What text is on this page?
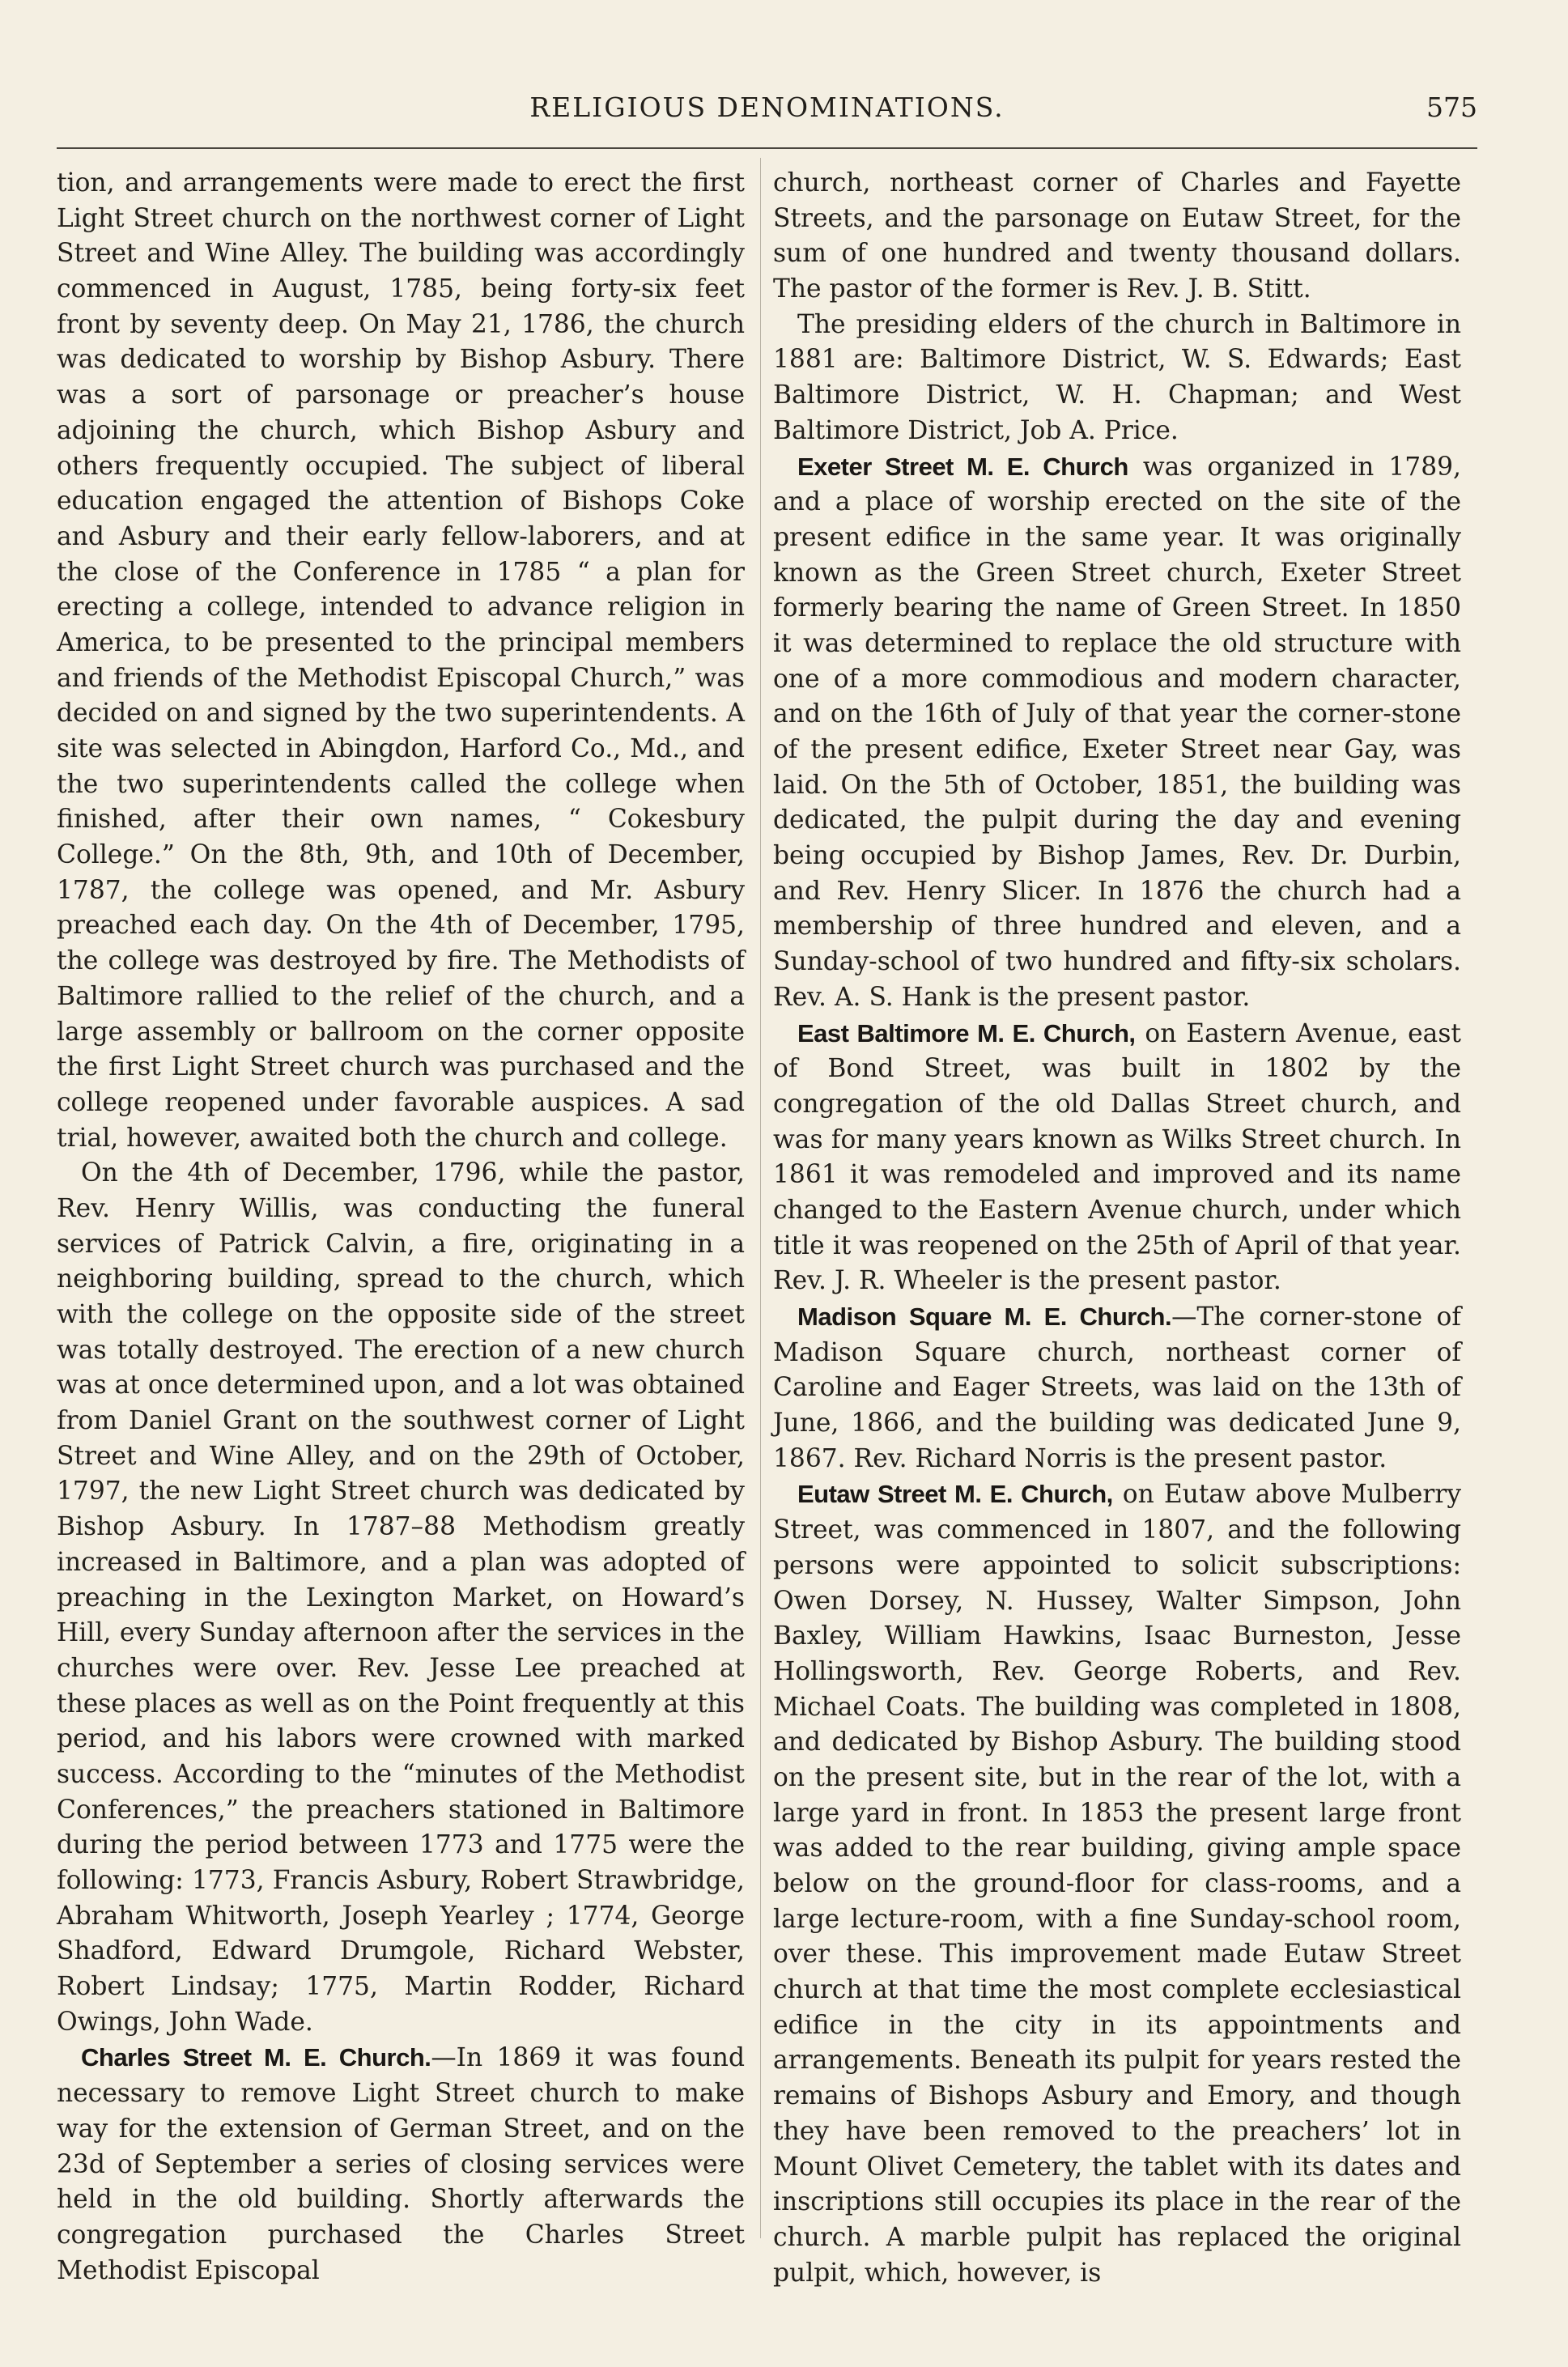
RELIGIOUS DENOMINATIONS.	575

tion, and arrangements were made to erect the first Light Street church on the northwest corner of Light Street and Wine Alley. The building was accordingly commenced in August, 1785, being forty-six feet front by seventy deep. On May 21, 1786, the church was dedicated to worship by Bishop Asbury. There was a sort of parsonage or preacher’s house adjoining the church, which Bishop Asbury and others frequently occupied. The subject of liberal education engaged the attention of Bishops Coke and Asbury and their early fellow-laborers, and at the close of the Conference in 1785 “ a plan for erecting a college, intended to advance religion in America, to be presented to the principal members and friends of the Methodist Episcopal Church,” was decided on and signed by the two superintendents. A site was selected in Abingdon, Harford Co., Md., and the two superintendents called the college when finished, after their own names, “ Cokesbury College.” On the 8th, 9th, and 10th of December, 1787, the college was opened, and Mr. Asbury preached each day. On the 4th of December, 1795, the college was destroyed by fire. The Methodists of Baltimore rallied to the relief of the church, and a large assembly or ballroom on the corner opposite the first Light Street church was purchased and the college reopened under favorable auspices. A sad trial, however, awaited both the church and college.

On the 4th of December, 1796, while the pastor, Rev. Henry Willis, was conducting the funeral services of Patrick Calvin, a fire, originating in a neighboring building, spread to the church, which with the college on the opposite side of the street was totally destroyed. The erection of a new church was at once determined upon, and a lot was obtained from Daniel Grant on the southwest corner of Light Street and Wine Alley, and on the 29th of October, 1797, the new Light Street church was dedicated by Bishop Asbury. In 1787–88 Methodism greatly increased in Baltimore, and a plan was adopted of preaching in the Lexington Market, on Howard’s Hill, every Sunday afternoon after the services in the churches were over. Rev. Jesse Lee preached at these places as well as on the Point frequently at this period, and his labors were crowned with marked success. According to the “minutes of the Methodist Conferences,” the preachers stationed in Baltimore during the period between 1773 and 1775 were the following: 1773, Francis Asbury, Robert Strawbridge, Abraham Whitworth, Joseph Yearley ; 1774, George Shadford, Edward Drumgole, Richard Webster, Robert Lindsay; 1775, Martin Rodder, Richard Owings, John Wade.

Charles Street M. E. Church.—In 1869 it was found necessary to remove Light Street church to make way for the extension of German Street, and on the 23d of September a series of closing services were held in the old building. Shortly afterwards the congregation purchased the Charles Street Methodist Episcopal

church, northeast corner of Charles and Fayette Streets, and the parsonage on Eutaw Street, for the sum of one hundred and twenty thousand dollars. The pastor of the former is Rev. J. B. Stitt.

The presiding elders of the church in Baltimore in 1881 are: Baltimore District, W. S. Edwards; East Baltimore District, W. H. Chapman; and West Baltimore District, Job A. Price.

Exeter Street M. E. Church was organized in 1789, and a place of worship erected on the site of the present edifice in the same year. It was originally known as the Green Street church, Exeter Street formerly bearing the name of Green Street. In 1850 it was determined to replace the old structure with one of a more commodious and modern character, and on the 16th of July of that year the corner-stone of the present edifice, Exeter Street near Gay, was laid. On the 5th of October, 1851, the building was dedicated, the pulpit during the day and evening being occupied by Bishop James, Rev. Dr. Durbin, and Rev. Henry Slicer. In 1876 the church had a membership of three hundred and eleven, and a Sunday-school of two hundred and fifty-six scholars. Rev. A. S. Hank is the present pastor.

East Baltimore M. E. Church, on Eastern Avenue, east of Bond Street, was built in 1802 by the congregation of the old Dallas Street church, and was for many years known as Wilks Street church. In 1861 it was remodeled and improved and its name changed to the Eastern Avenue church, under which title it was reopened on the 25th of April of that year. Rev. J. R. Wheeler is the present pastor.

Madison Square M. E. Church.—The corner-stone of Madison Square church, northeast corner of Caroline and Eager Streets, was laid on the 13th of June, 1866, and the building was dedicated June 9, 1867. Rev. Richard Norris is the present pastor.

Eutaw Street M. E. Church, on Eutaw above Mulberry Street, was commenced in 1807, and the following persons were appointed to solicit subscriptions: Owen Dorsey, N. Hussey, Walter Simpson, John Baxley, William Hawkins, Isaac Burneston, Jesse Hollingsworth, Rev. George Roberts, and Rev. Michael Coats. The building was completed in 1808, and dedicated by Bishop Asbury. The building stood on the present site, but in the rear of the lot, with a large yard in front. In 1853 the present large front was added to the rear building, giving ample space below on the ground-floor for class-rooms, and a large lecture-room, with a fine Sunday-school room, over these. This improvement made Eutaw Street church at that time the most complete ecclesiastical edifice in the city in its appointments and arrangements. Beneath its pulpit for years rested the remains of Bishops Asbury and Emory, and though they have been removed to the preachers’ lot in Mount Olivet Cemetery, the tablet with its dates and inscriptions still occupies its place in the rear of the church. A marble pulpit has replaced the original pulpit, which, however, is
